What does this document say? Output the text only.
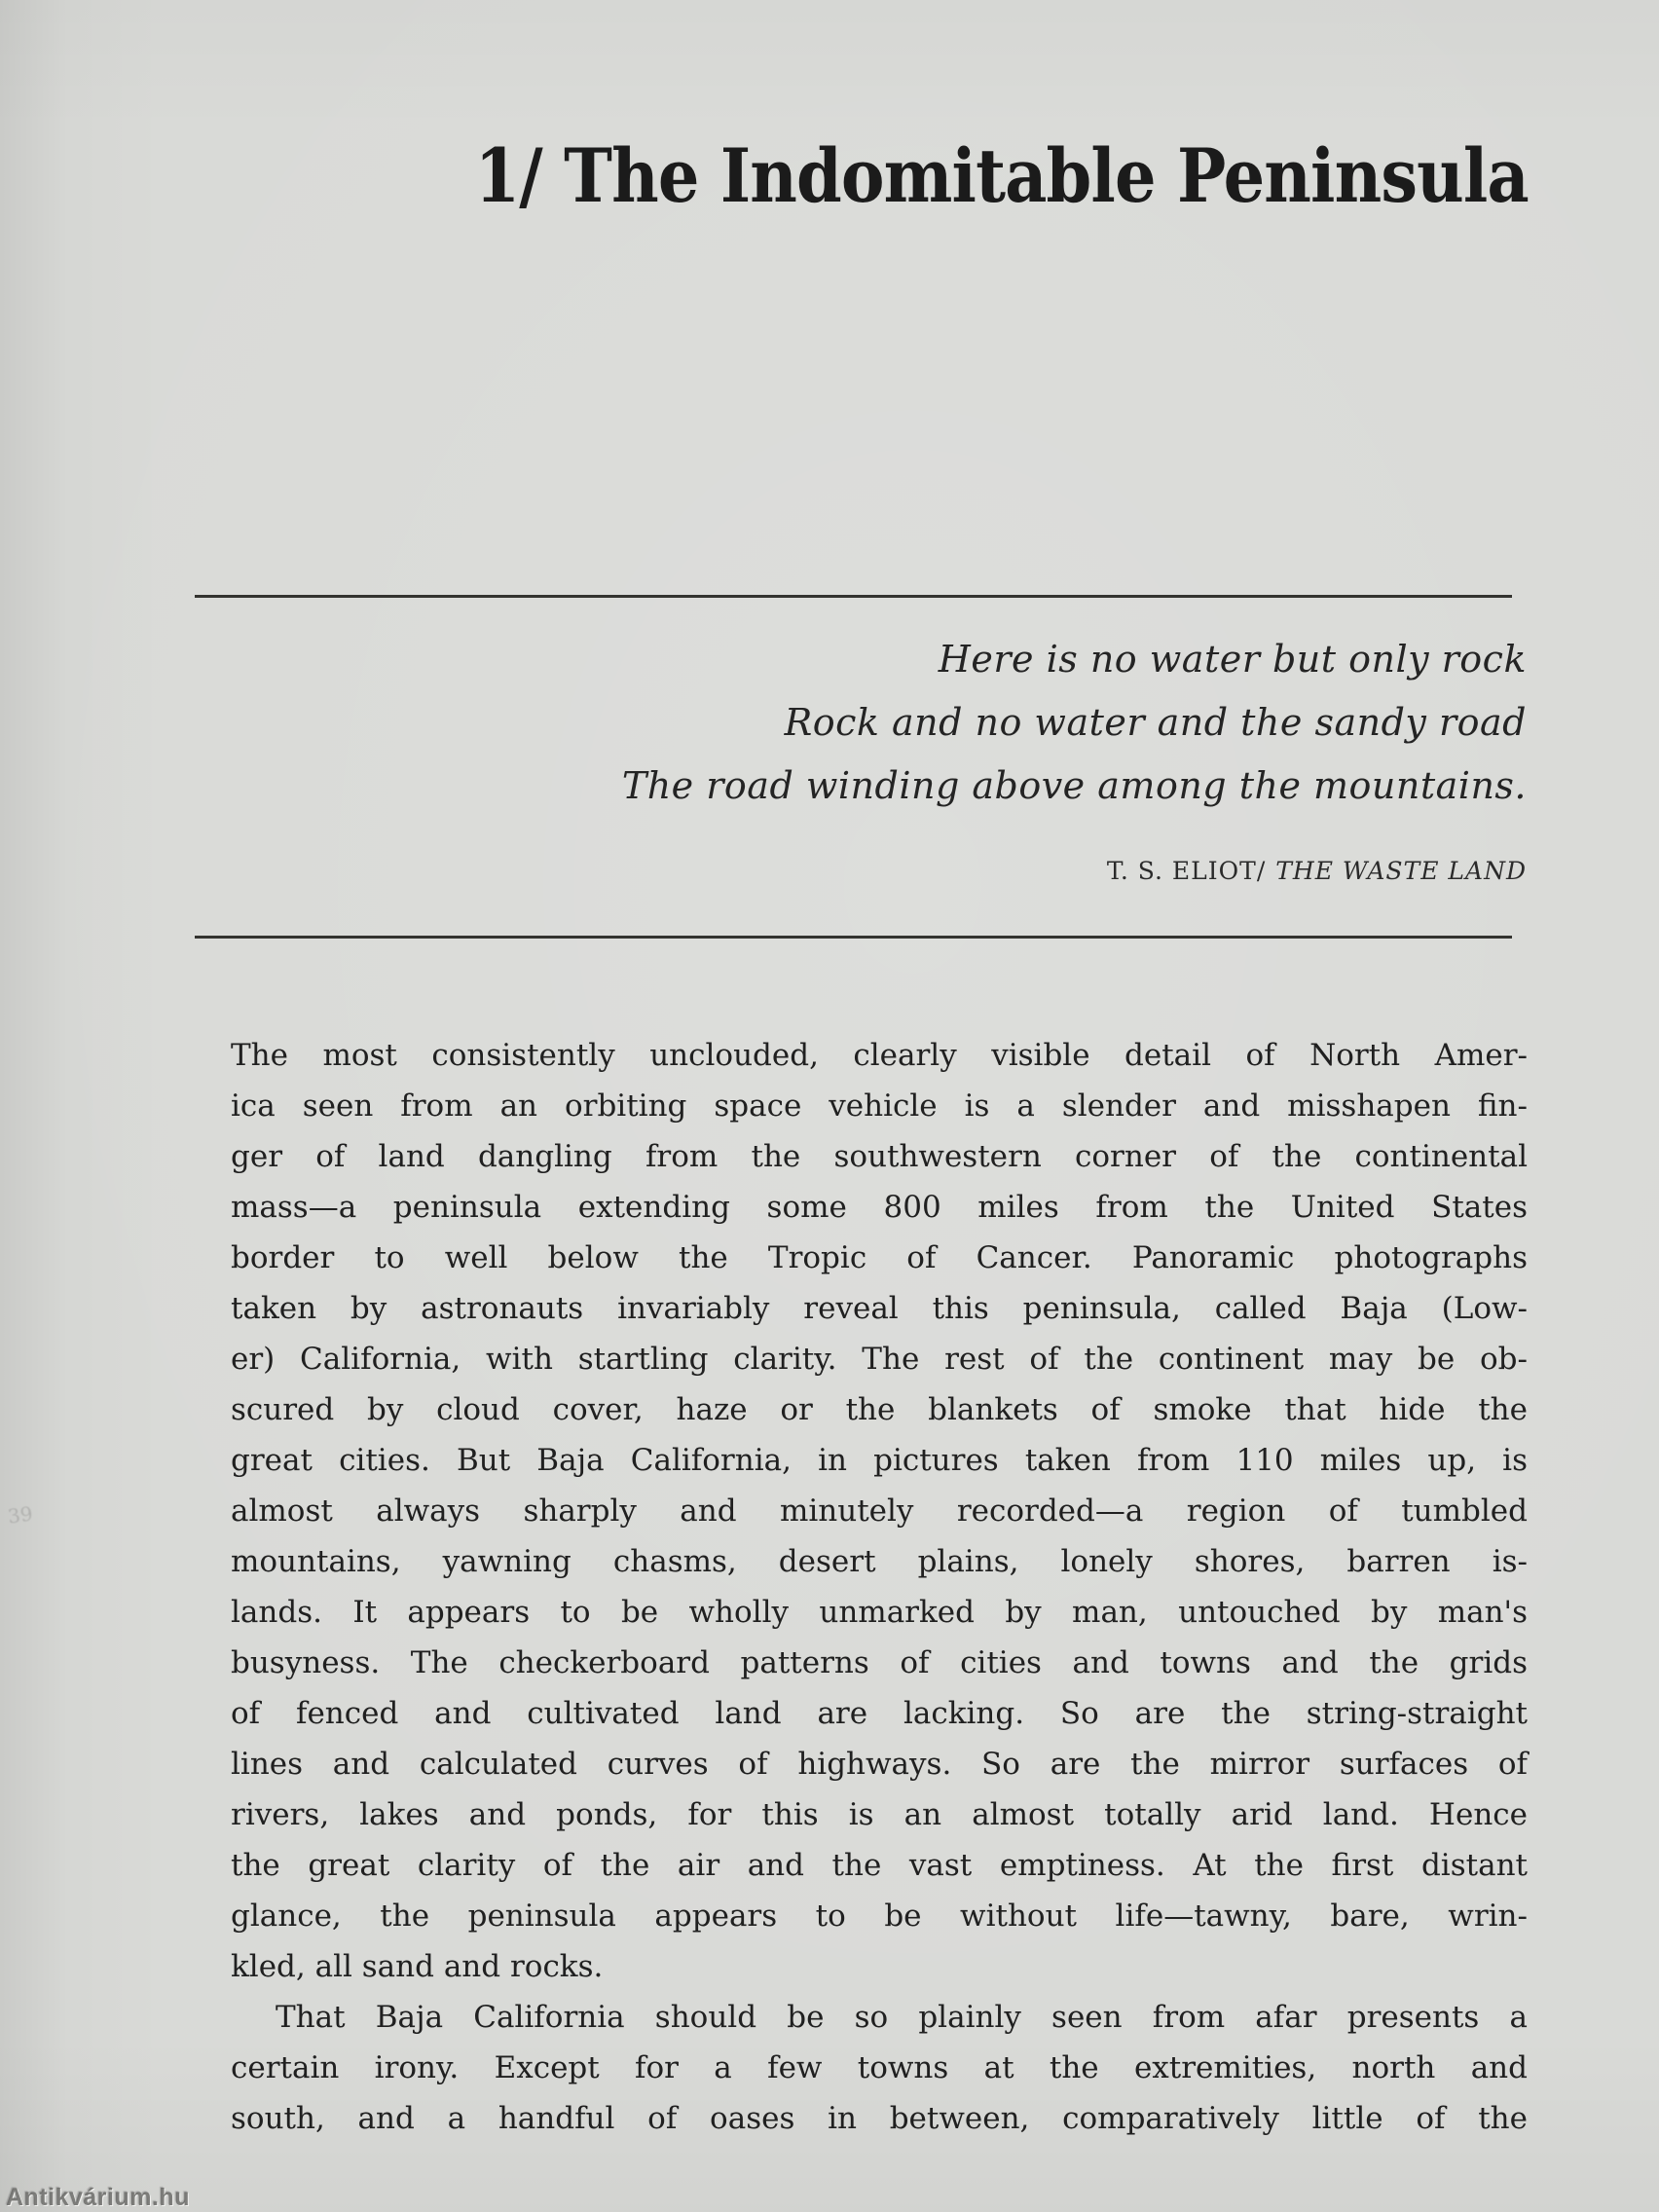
1/ The Indomitable Peninsula
Here is no water but only rock
Rock and no water and the sandy road
The road winding above among the mountains.
T. S. ELIOT/ THE WASTE LAND
The most consistently unclouded, clearly visible detail of North Amer-
ica seen from an orbiting space vehicle is a slender and misshapen fin-
ger of land dangling from the southwestern corner of the continental
mass—a peninsula extending some 800 miles from the United States
border to well below the Tropic of Cancer. Panoramic photographs
taken by astronauts invariably reveal this peninsula, called Baja (Low-
er) California, with startling clarity. The rest of the continent may be ob-
scured by cloud cover, haze or the blankets of smoke that hide the
great cities. But Baja California, in pictures taken from 110 miles up, is
almost always sharply and minutely recorded—a region of tumbled
mountains, yawning chasms, desert plains, lonely shores, barren is-
lands. It appears to be wholly unmarked by man, untouched by man's
busyness. The checkerboard patterns of cities and towns and the grids
of fenced and cultivated land are lacking. So are the string-straight
lines and calculated curves of highways. So are the mirror surfaces of
rivers, lakes and ponds, for this is an almost totally arid land. Hence
the great clarity of the air and the vast emptiness. At the first distant
glance, the peninsula appears to be without life—tawny, bare, wrin-
kled, all sand and rocks.
That Baja California should be so plainly seen from afar presents a
certain irony. Except for a few towns at the extremities, north and
south, and a handful of oases in between, comparatively little of the
39
Antikvárium.hu
